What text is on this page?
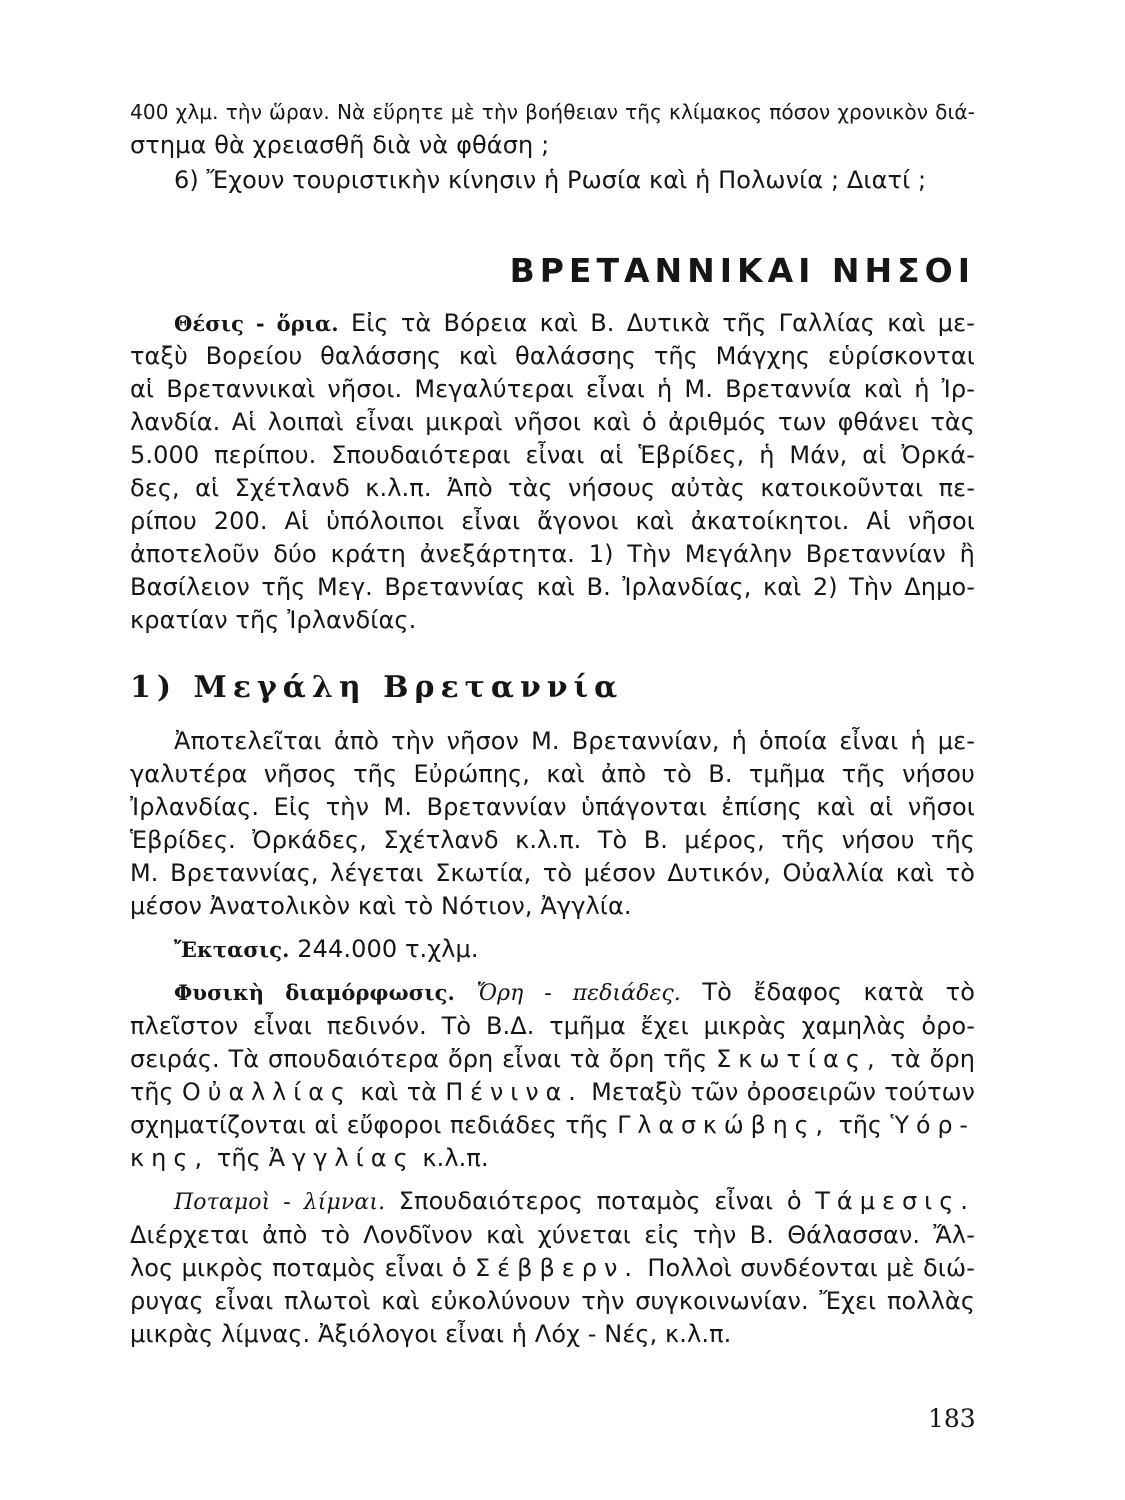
400 χλμ. τὴν ὥραν. Νὰ εὕρητε μὲ τὴν βοήθειαν τῆς κλίμακος πόσον χρονικὸν διά-
στημα θὰ χρειασθῆ διὰ νὰ φθάση ;
6) Ἔχουν τουριστικὴν κίνησιν ἡ Ρωσία καὶ ἡ Πολωνία ; Διατί ;
ΒΡΕΤΑΝΝΙΚΑΙ ΝΗΣΟΙ
Θέσις - ὅρια. Εἰς τὰ Βόρεια καὶ Β. Δυτικὰ τῆς Γαλλίας καὶ με-
ταξὺ Βορείου θαλάσσης καὶ θαλάσσης τῆς Μάγχης εὑρίσκονται
αἱ Βρεταννικαὶ νῆσοι. Μεγαλύτεραι εἶναι ἡ Μ. Βρεταννία καὶ ἡ Ἰρ-
λανδία. Αἱ λοιπαὶ εἶναι μικραὶ νῆσοι καὶ ὁ ἀριθμός των φθάνει τὰς
5.000 περίπου. Σπουδαιότεραι εἶναι αἱ Ἑβρίδες, ἡ Μάν, αἱ Ὀρκά-
δες, αἱ Σχέτλανδ κ.λ.π. Ἀπὸ τὰς νήσους αὐτὰς κατοικοῦνται πε-
ρίπου 200. Αἱ ὑπόλοιποι εἶναι ἄγονοι καὶ ἀκατοίκητοι. Αἱ νῆσοι
ἀποτελοῦν δύο κράτη ἀνεξάρτητα. 1) Τὴν Μεγάλην Βρεταννίαν ἢ
Βασίλειον τῆς Μεγ. Βρεταννίας καὶ Β. Ἰρλανδίας, καὶ 2) Τὴν Δημο-
κρατίαν τῆς Ἰρλανδίας.
1) Μεγάλη Βρεταννία
Ἀποτελεῖται ἀπὸ τὴν νῆσον Μ. Βρεταννίαν, ἡ ὁποία εἶναι ἡ με-
γαλυτέρα νῆσος τῆς Εὐρώπης, καὶ ἀπὸ τὸ Β. τμῆμα τῆς νήσου
Ἰρλανδίας. Εἰς τὴν Μ. Βρεταννίαν ὑπάγονται ἐπίσης καὶ αἱ νῆσοι
Ἑβρίδες. Ὀρκάδες, Σχέτλανδ κ.λ.π. Τὸ Β. μέρος, τῆς νήσου τῆς
Μ. Βρεταννίας, λέγεται Σκωτία, τὸ μέσον Δυτικόν, Οὐαλλία καὶ τὸ
μέσον Ἀνατολικὸν καὶ τὸ Νότιον, Ἀγγλία.
Ἔκτασις. 244.000 τ.χλμ.
Φυσικὴ διαμόρφωσις. Ὄρη - πεδιάδες. Τὸ ἔδαφος κατὰ τὸ
πλεῖστον εἶναι πεδινόν. Τὸ Β.Δ. τμῆμα ἔχει μικρὰς χαμηλὰς ὀρο-
σειράς. Τὰ σπουδαιότερα ὄρη εἶναι τὰ ὄρη τῆς Σκωτίας, τὰ ὄρη
τῆς Οὐαλλίας καὶ τὰ Πένινα. Μεταξὺ τῶν ὀροσειρῶν τούτων
σχηματίζονται αἱ εὔφοροι πεδιάδες τῆς Γλασκώβης, τῆς Ὑόρ-
κης, τῆς Ἀγγλίας κ.λ.π.
Ποταμοὶ - λίμναι. Σπουδαιότερος ποταμὸς εἶναι ὁ Τάμεσις.
Διέρχεται ἀπὸ τὸ Λονδῖνον καὶ χύνεται εἰς τὴν Β. Θάλασσαν. Ἄλ-
λος μικρὸς ποταμὸς εἶναι ὁ Σέββερν. Πολλοὶ συνδέονται μὲ διώ-
ρυγας εἶναι πλωτοὶ καὶ εὐκολύνουν τὴν συγκοινωνίαν. Ἔχει πολλὰς
μικρὰς λίμνας. Ἀξιόλογοι εἶναι ἡ Λόχ - Νές, κ.λ.π.
183
